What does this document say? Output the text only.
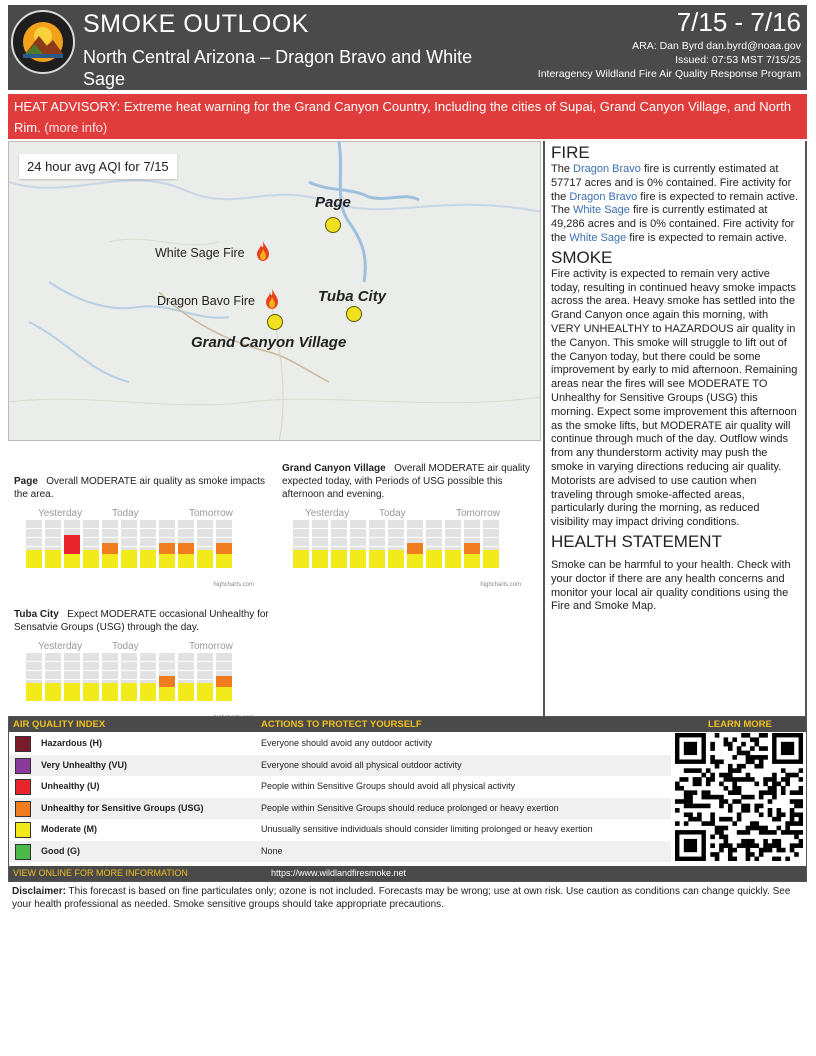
SMOKE OUTLOOK
North Central Arizona – Dragon Bravo and White Sage
7/15 - 7/16
ARA: Dan Byrd dan.byrd@noaa.gov
Issued: 07:53 MST 7/15/25
Interagency Wildland Fire Air Quality Response Program
HEAT ADVISORY: Extreme heat warning for the Grand Canyon Country, Including the cities of Supai, Grand Canyon Village, and North Rim. (more info)
24 hour avg AQI for 7/15
Page
White Sage Fire
Dragon Bavo Fire	Tuba City
Grand Canyon Village
FIRE

The Dragon Bravo fire is currently estimated at 57717 acres and is 0% contained. Fire activity for the Dragon Bravo fire is expected to remain active. The White Sage fire is currently estimated at 49,286 acres and is 0% contained. Fire activity for the White Sage fire is expected to remain active.

SMOKE

Fire activity is expected to remain very active today, resulting in continued heavy smoke impacts across the area. Heavy smoke has settled into the Grand Canyon once again this morning, with VERY UNHEALTHY to HAZARDOUS air quality in the Canyon. This smoke will struggle to lift out of the Canyon today, but there could be some improvement by early to mid afternoon. Remaining areas near the fires will see MODERATE TO Unhealthy for Sensitive Groups (USG) this morning. Expect some improvement this afternoon as the smoke lifts, but MODERATE air quality will continue through much of the day. Outflow winds from any thunderstorm activity may push the smoke in varying directions reducing air quality. Motorists are advised to use caution when traveling through smoke-affected areas, particularly during the morning, as reduced visibility may impact driving conditions.

HEALTH STATEMENT

Smoke can be harmful to your health. Check with your doctor if there are any health concerns and monitor your local air quality conditions using the Fire and Smoke Map.

Page Overall MODERATE air quality as smoke impacts the area.
Yesterday	Today	Tomorrow
highcharts.com
Grand Canyon Village Overall MODERATE air quality expected today, with Periods of USG possible this afternoon and evening.
Yesterday	Today	Tomorrow
highcharts.com
Tuba City Expect MODERATE occasional Unhealthy for Sensatvie Groups (USG) through the day.
Yesterday	Today	Tomorrow
AIR QUALITY INDEX	ACTIONS TO PROTECT YOURSELF	LEARN MORE
Hazardous (H)	Everyone should avoid any outdoor activity
Very Unhealthy (VU)	Everyone should avoid all physical outdoor activity
Unhealthy (U)	People within Sensitive Groups should avoid all physical activity
Unhealthy for Sensitive Groups (USG)	People within Sensitive Groups should reduce prolonged or heavy exertion
Moderate (M)	Unusually sensitive individuals should consider limiting prolonged or heavy exertion
Good (G)	None
VIEW ONLINE FOR MORE INFORMATION	https://www.wildlandfiresmoke.net
Disclaimer: This forecast is based on fine particulates only; ozone is not included. Forecasts may be wrong; use at own risk. Use caution as conditions can change quickly. See your health professional as needed. Smoke sensitive groups should take appropriate precautions.
